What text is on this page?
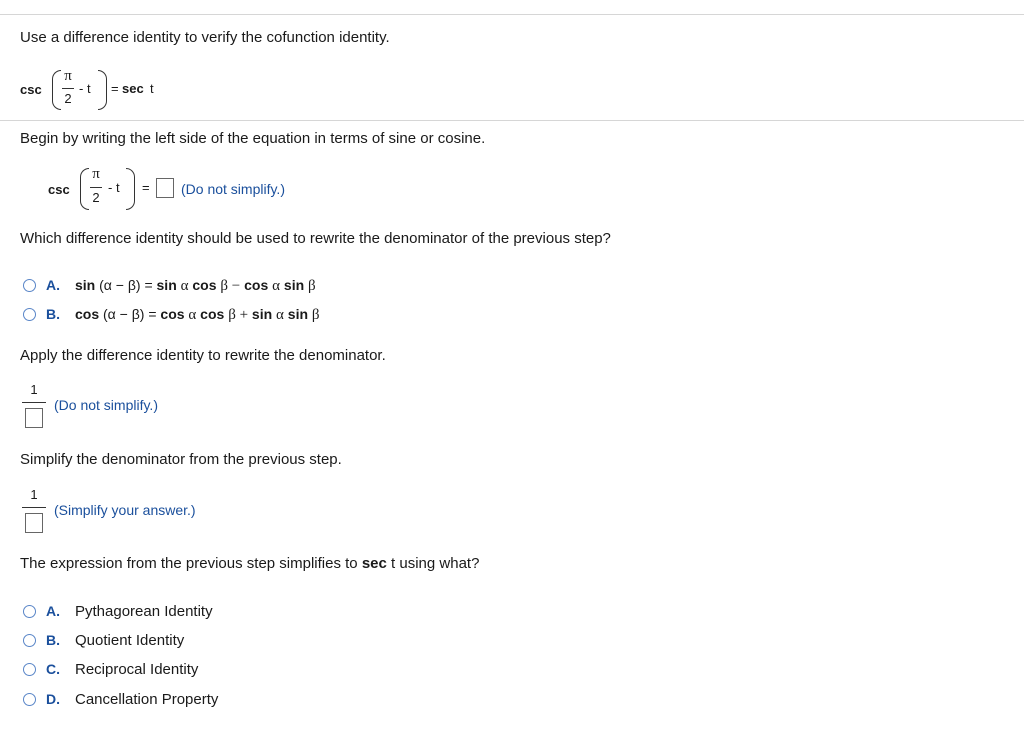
Use a difference identity to verify the cofunction identity.
csc
π
2
- t = sec t
Begin by writing the left side of the equation in terms of sine or cosine.
csc
π
2
- t = (Do not simplify.)
Which difference identity should be used to rewrite the denominator of the previous step?
A. sin (α − β) = sin α cos β − cos α sin β
B. cos (α − β) = cos α cos β + sin α sin β
Apply the difference identity to rewrite the denominator.
1
(Do not simplify.)
Simplify the denominator from the previous step.
1
(Simplify your answer.)
The expression from the previous step simplifies to sec t using what?
A. Pythagorean Identity
B. Quotient Identity
C. Reciprocal Identity
D. Cancellation Property
